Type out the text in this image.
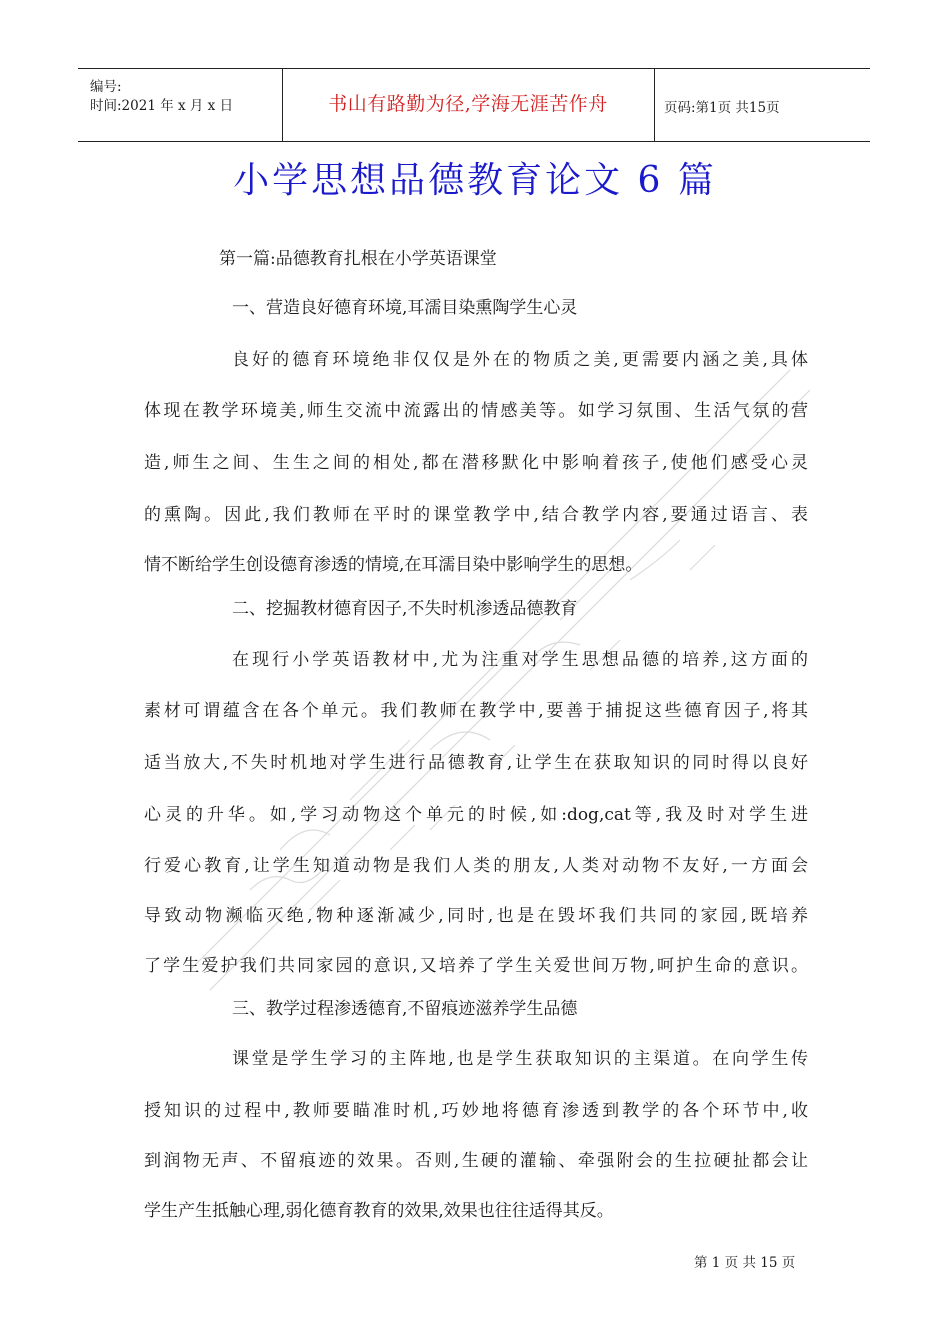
编号:
时间:2021 年 x 月 x 日	书山有路勤为径,学海无涯苦作舟	页码:第1页 共15页
小学思想品德教育论文 6 篇
第一篇:品德教育扎根在小学英语课堂
一、营造良好德育环境,耳濡目染熏陶学生心灵
良好的德育环境绝非仅仅是外在的物质之美,更需要内涵之美,具体
体现在教学环境美,师生交流中流露出的情感美等。如学习氛围、生活气氛的营
造,师生之间、生生之间的相处,都在潜移默化中影响着孩子,使他们感受心灵
的熏陶。因此,我们教师在平时的课堂教学中,结合教学内容,要通过语言、表
情不断给学生创设德育渗透的情境,在耳濡目染中影响学生的思想。
二、挖掘教材德育因子,不失时机渗透品德教育
在现行小学英语教材中,尤为注重对学生思想品德的培养,这方面的
素材可谓蕴含在各个单元。我们教师在教学中,要善于捕捉这些德育因子,将其
适当放大,不失时机地对学生进行品德教育,让学生在获取知识的同时得以良好
心灵的升华。如,学习动物这个单元的时候,如:dog,cat等,我及时对学生进
行爱心教育,让学生知道动物是我们人类的朋友,人类对动物不友好,一方面会
导致动物濒临灭绝,物种逐渐减少,同时,也是在毁坏我们共同的家园,既培养
了学生爱护我们共同家园的意识,又培养了学生关爱世间万物,呵护生命的意识。
三、教学过程渗透德育,不留痕迹滋养学生品德
课堂是学生学习的主阵地,也是学生获取知识的主渠道。在向学生传
授知识的过程中,教师要瞄准时机,巧妙地将德育渗透到教学的各个环节中,收
到润物无声、不留痕迹的效果。否则,生硬的灌输、牵强附会的生拉硬扯都会让
学生产生抵触心理,弱化德育教育的效果,效果也往往适得其反。
第 1 页 共 15 页
